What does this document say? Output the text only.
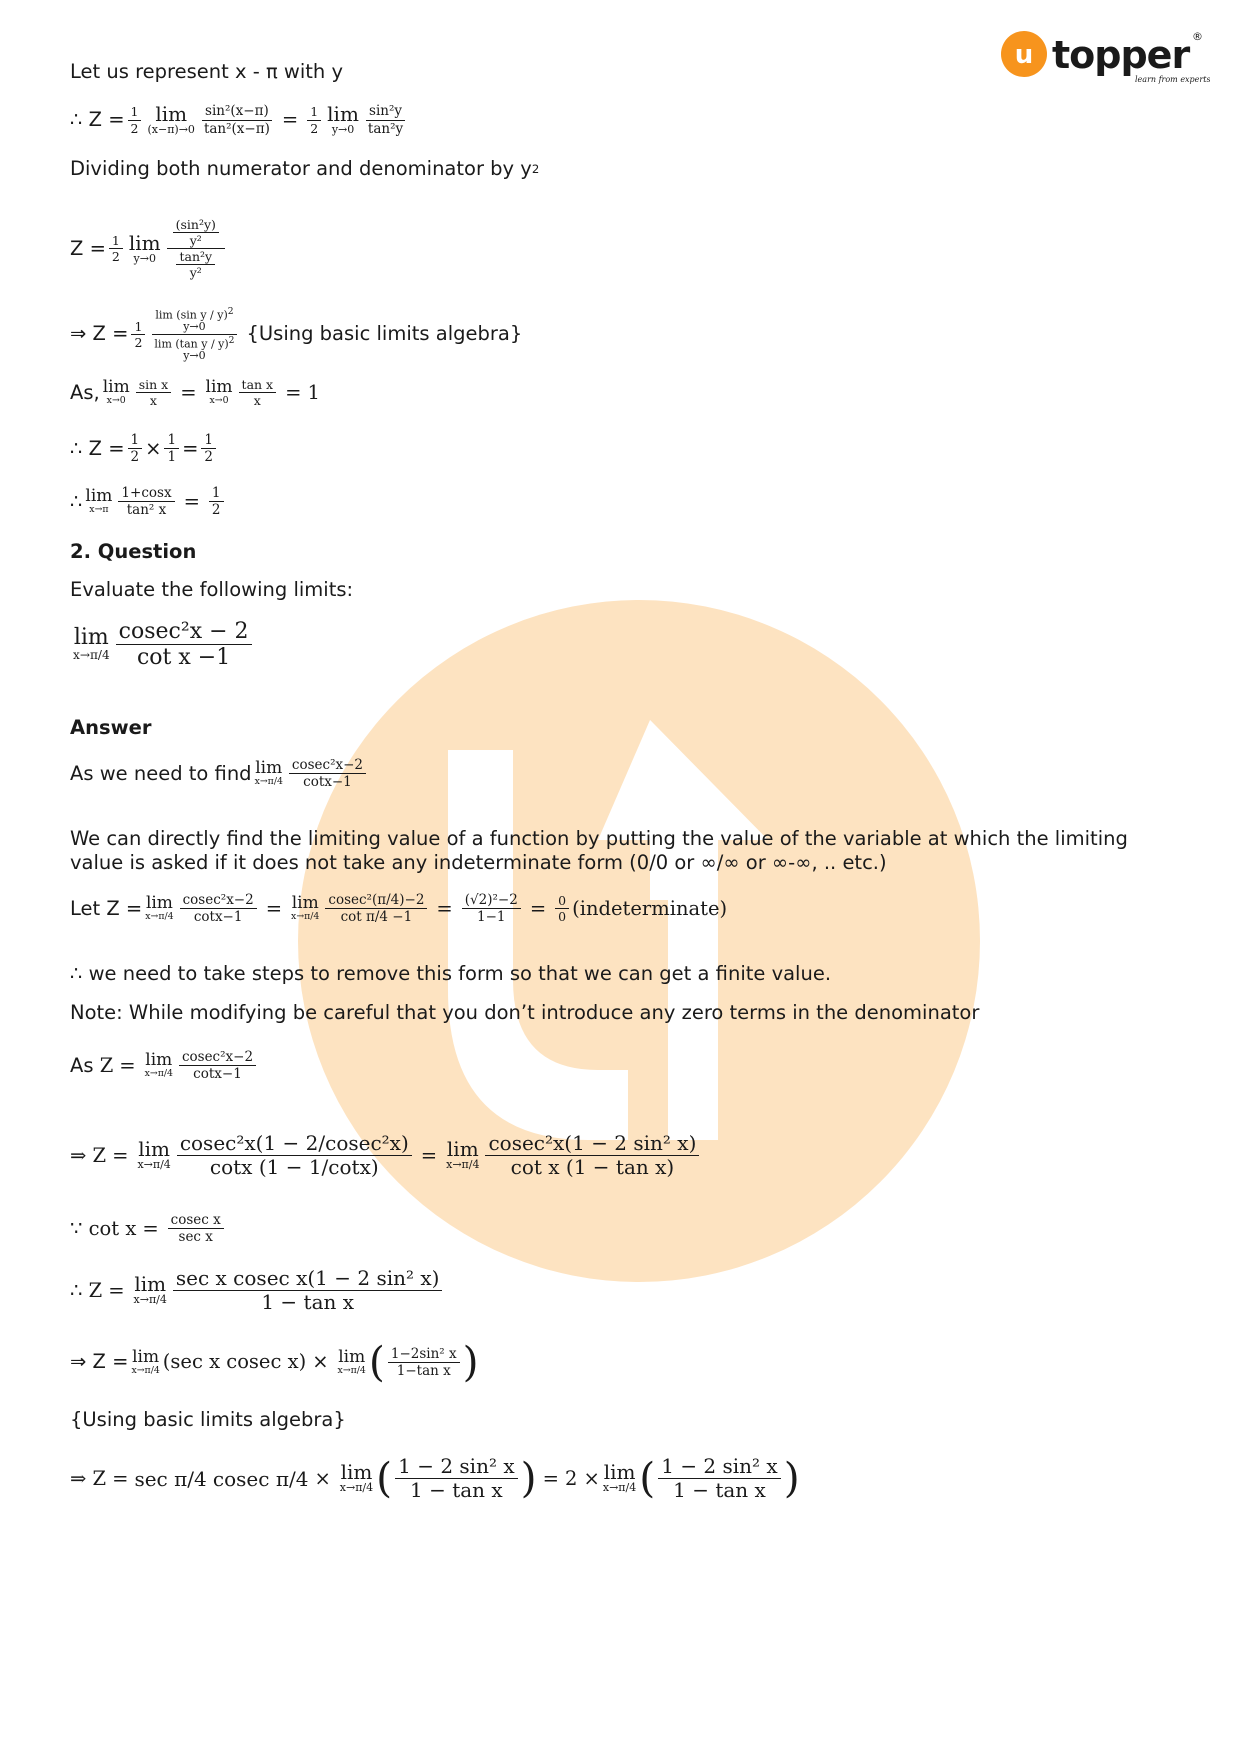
u topper ®
learn from experts
Let us represent x - π with y
∴
Z
= $\frac{1}{2}$ lim
$(x-\pi)\to 0 \frac{\text{sin²(x−π)}}{\text{tan²(x−π)}} = \frac{1}{2}$ lim
$y\to 0 \frac{\text{sin²y}}{\text{tan²y}}$
Dividing both numerator and denominator by y 2
Z
= $\frac{1}{2}$ lim
$y\to 0 \frac{\frac{\text{(sin²y)}}{\text{y²}}}{\frac{\text{tan²y}}{\text{y²}}}$
⇒
Z
= $\frac{1}{2}$
lim (sin y / y)$^2$
y→0
lim (tan y / y)$^2$
y→0
{Using basic limits algebra}
As, lim
$x\to 0 \frac{\text{sin x}}{x} = \lim$
$x\to 0 \frac{\text{tan x}}{x} = 1$
∴
Z
= $\frac{1}{2} \times \frac{1}{1} = \frac{1}{2}$
∴ lim
$x\to\pi \frac{1+\cos x}{\text{tan² x}} = \frac{1}{2}$
2. Question
Evaluate the following limits:
lim
$x\to\pi/4 \frac{\text{cosec²x − 2}}{\text{cot x −1}}$
Answer
As we need to find lim
$x\to\pi/4 \frac{\text{cosec²x−2}}{\cot x-1}$
We can directly find the limiting value of a function by putting the value of the variable at which the limiting value is asked if it does not take any indeterminate form (0/0 or ∞/∞ or ∞-∞, .. etc.)
Let Z = lim
$x\to\pi/4 \frac{\text{cosec²x−2}}{\cot x-1} = \lim$
$x\to\pi/4 \frac{\text{cosec²(π/4)−2}}{\text{cot π/4 −1}} = \frac{\text{(√2)²−2}}{1-1} = \frac{0}{0}$ (indeterminate)
∴ we need to take steps to remove this form so that we can get a finite value.
Note: While modifying be careful that you don’t introduce any zero terms in the denominator
As
Z = lim
$x\to\pi/4 \frac{\text{cosec²x−2}}{\cot x-1}$
⇒
Z = lim
$x\to\pi/4 \frac{\text{cosec²x(1 − 2/cosec²x)}}{\cot x (1 - 1/\cot x)} = \lim$
$x\to\pi/4 \frac{\text{cosec²x(1 − 2 sin² x)}}{\text{cot x (1 − tan x)}}$
∵
$\cot x = \frac{\text{cosec x}}{\text{sec x}}$
∴
Z = lim
$x\to\pi/4 \frac{\text{sec x cosec x(1 − 2 sin² x)}}{\text{1 − tan x}}$
⇒
Z
= lim
x→π/4 (sec x cosec x) × lim
x→π/4 ( $\frac{\text{1−2sin² x}}{\text{1−tan x}}$ )
{Using basic limits algebra}
⇒
Z = sec π/4
cosec π/4 × lim
x→π/4 ( $\frac{\text{1 − 2 sin² x}}{\text{1 − tan x}}$ ) = 2 × lim
x→π/4 ( $\frac{\text{1 − 2 sin² x}}{\text{1 − tan x}}$ )
